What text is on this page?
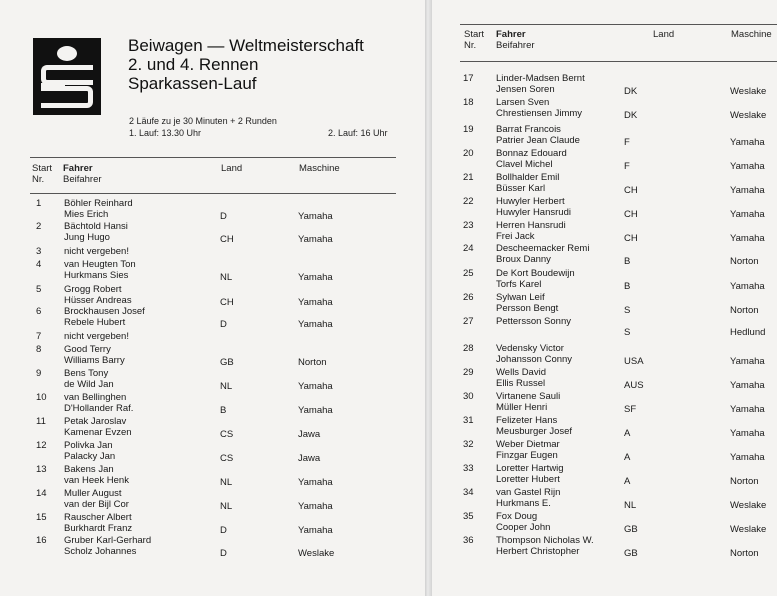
Beiwagen — Weltmeisterschaft
2. und 4. Rennen
Sparkassen-Lauf
2 Läufe zu je 30 Minuten + 2 Runden
1. Lauf: 13.30 Uhr	2. Lauf: 16 Uhr
Start
Nr.
Fahrer
Beifahrer
Land	Maschine
1 Böhler Reinhard
Mies Erich	D	Yamaha
2 Bächtold Hansi
Jung Hugo	CH	Yamaha
3 nicht vergeben!
4 van Heugten Ton
Hurkmans Sies	NL	Yamaha
5 Grogg Robert
Hüsser Andreas	CH	Yamaha
6 Brockhausen Josef
Rebele Hubert	D	Yamaha
7 nicht vergeben!
8 Good Terry
Williams Barry	GB	Norton
9 Bens Tony
de Wild Jan	NL	Yamaha
10 van Bellinghen
D'Hollander Raf.	B	Yamaha
11 Petak Jaroslav
Kamenar Evzen	CS	Jawa
12 Polivka Jan
Palacky Jan	CS	Jawa
13 Bakens Jan
van Heek Henk	NL	Yamaha
14 Muller August
van der Bijl Cor	NL	Yamaha
15 Rauscher Albert
Burkhardt Franz	D	Yamaha
16 Gruber Karl-Gerhard
Scholz Johannes	D	Weslake
Start
Nr.
Fahrer
Beifahrer
Land	Maschine
17 Linder-Madsen Bernt
Jensen Soren	DK	Weslake
18 Larsen Sven
Chrestiensen Jimmy	DK	Weslake
19 Barrat Francois
Patrier Jean Claude	F	Yamaha
20 Bonnaz Edouard
Clavel Michel	F	Yamaha
21 Bollhalder Emil
Büsser Karl	CH	Yamaha
22 Huwyler Herbert
Huwyler Hansrudi	CH	Yamaha
23 Herren Hansrudi
Frei Jack	CH	Yamaha
24 Descheemacker Remi
Broux Danny	B	Norton
25 De Kort Boudewijn
Torfs Karel	B	Yamaha
26 Sylwan Leif
Persson Bengt	S	Norton
27 Pettersson Sonny
S	Hedlund
28 Vedensky Victor
Johansson Conny	USA	Yamaha
29 Wells David
Ellis Russel	AUS	Yamaha
30 Virtanene Sauli
Müller Henri	SF	Yamaha
31 Felizeter Hans
Meusburger Josef	A	Yamaha
32 Weber Dietmar
Finzgar Eugen	A	Yamaha
33 Loretter Hartwig
Loretter Hubert	A	Norton
34 van Gastel Rijn
Hurkmans E.	NL	Weslake
35 Fox Doug
Cooper John	GB	Weslake
36 Thompson Nicholas W.
Herbert Christopher	GB	Norton
